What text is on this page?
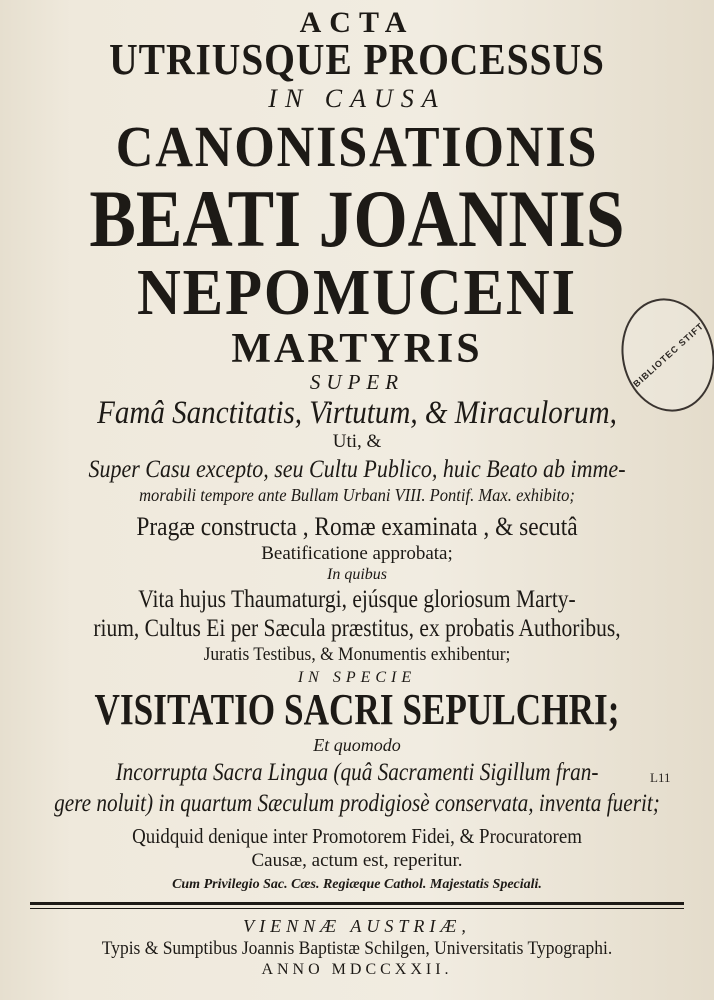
ACTA

UTRIUSQUE PROCESSUS

IN CAUSA

CANONISATIONIS

BEATI JOANNIS

NEPOMUCENI

MARTYRIS

SUPER

Famâ Sanctitatis, Virtutum, & Miraculorum,

Uti, &

Super Casu excepto, seu Cultu Publico, huic Beato ab imme-

morabili tempore ante Bullam Urbani VIII. Pontif. Max. exhibito;

Pragæ constructa , Romæ examinata , & secutâ

Beatificatione approbata;

In quibus

Vita hujus Thaumaturgi, ejúsque gloriosum Marty-

rium, Cultus Ei per Sæcula præstitus, ex probatis Authoribus,

Juratis Testibus, & Monumentis exhibentur;

IN SPECIE

VISITATIO SACRI SEPULCHRI;

Et quomodo

Incorrupta Sacra Lingua (quâ Sacramenti Sigillum fran-

gere noluit) in quartum Sæculum prodigiosè conservata, inventa fuerit;

Quidquid denique inter Promotorem Fidei, & Procuratorem

Causæ, actum est, reperitur.

Cum Privilegio Sac. Cæs. Regiæque Cathol. Majestatis Speciali.

VIENNÆ AUSTRIÆ,

Typis & Sumptibus Joannis Baptistæ Schilgen, Universitatis Typographi.

ANNO MDCCXXII.

BIBLIOTEC STIFT
L11
